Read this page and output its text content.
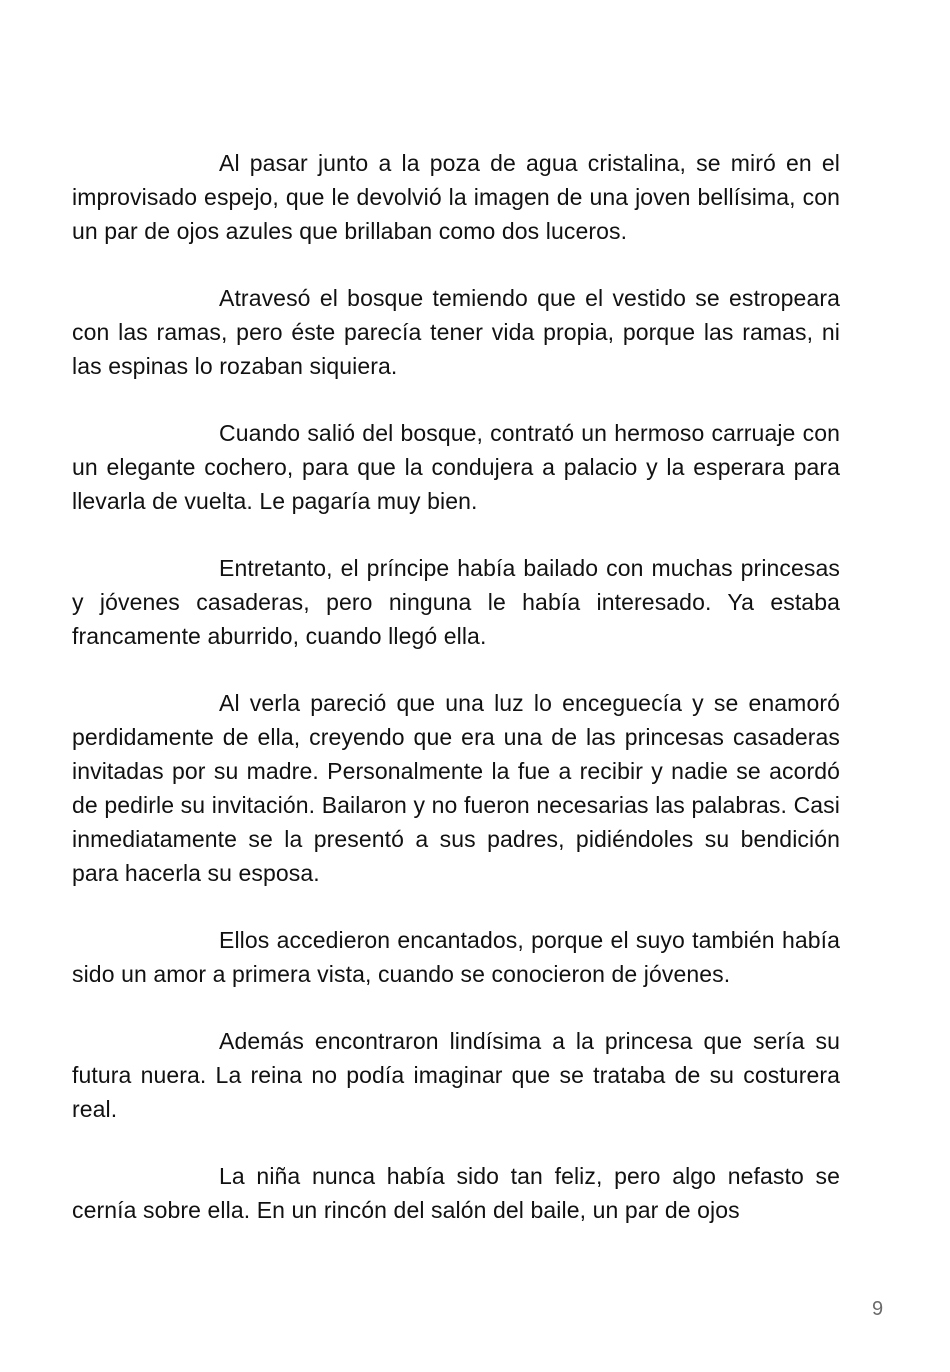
Al pasar junto a la poza de agua cristalina, se miró en el improvisado espejo, que le devolvió la imagen de una joven bellísima, con un par de ojos azules que brillaban como dos luceros.

Atravesó el bosque temiendo que el vestido se estropeara con las ramas, pero éste parecía tener vida propia, porque las ramas, ni las espinas lo rozaban siquiera.

Cuando salió del bosque, contrató un hermoso carruaje con un elegante cochero, para que la condujera a palacio y la esperara para llevarla de vuelta. Le pagaría muy bien.

Entretanto, el príncipe había bailado con muchas princesas y jóvenes casaderas, pero ninguna le había interesado. Ya estaba francamente aburrido, cuando llegó ella.

Al verla pareció que una luz lo enceguecía y se enamoró perdidamente de ella, creyendo que era una de las princesas casaderas invitadas por su madre. Personalmente la fue a recibir y nadie se acordó de pedirle su invitación. Bailaron y no fueron necesarias las palabras. Casi inmediatamente se la presentó a sus padres, pidiéndoles su bendición para hacerla su esposa.

Ellos accedieron encantados, porque el suyo también había sido un amor a primera vista, cuando se conocieron de jóvenes.

Además encontraron lindísima a la princesa que sería su futura nuera. La reina no podía imaginar que se trataba de su costurera real.

La niña nunca había sido tan feliz, pero algo nefasto se cernía sobre ella. En un rincón del salón del baile, un par de ojos

9
